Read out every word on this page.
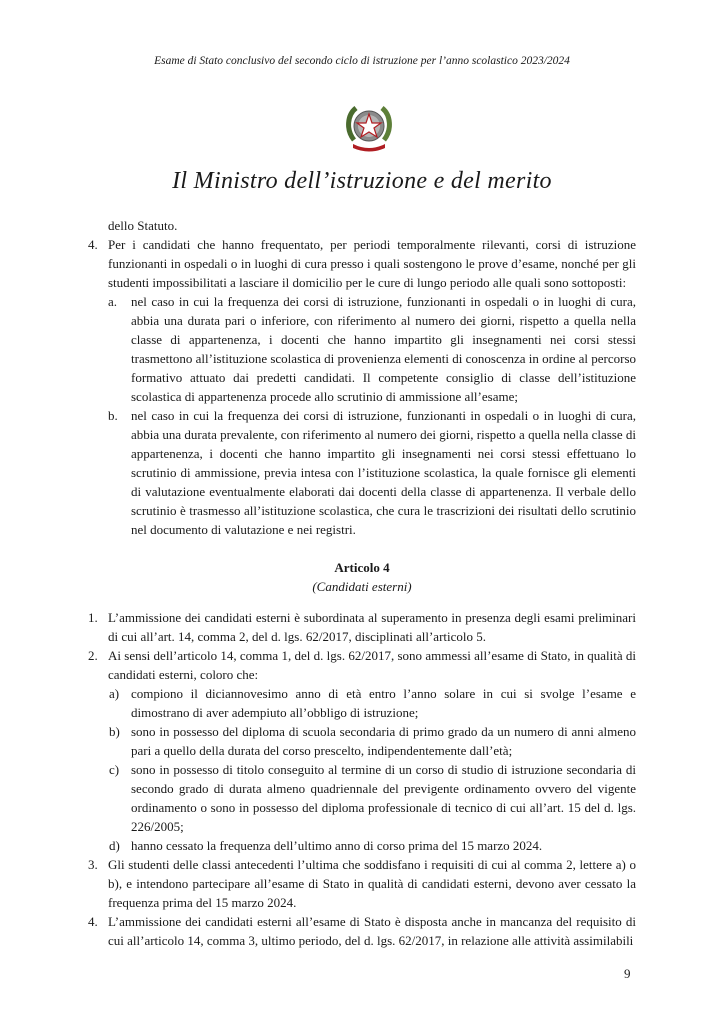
Esame di Stato conclusivo del secondo ciclo di istruzione per l’anno scolastico 2023/2024
Il Ministro dell’istruzione e del merito

dello Statuto.

4. Per i candidati che hanno frequentato, per periodi temporalmente rilevanti, corsi di istruzione funzionanti in ospedali o in luoghi di cura presso i quali sostengono le prove d’esame, nonché per gli studenti impossibilitati a lasciare il domicilio per le cure di lungo periodo alle quali sono sottoposti:
a. nel caso in cui la frequenza dei corsi di istruzione, funzionanti in ospedali o in luoghi di cura, abbia una durata pari o inferiore, con riferimento al numero dei giorni, rispetto a quella nella classe di appartenenza, i docenti che hanno impartito gli insegnamenti nei corsi stessi trasmettono all’istituzione scolastica di provenienza elementi di conoscenza in ordine al percorso formativo attuato dai predetti candidati. Il competente consiglio di classe dell’istituzione scolastica di appartenenza procede allo scrutinio di ammissione all’esame;
b. nel caso in cui la frequenza dei corsi di istruzione, funzionanti in ospedali o in luoghi di cura, abbia una durata prevalente, con riferimento al numero dei giorni, rispetto a quella nella classe di appartenenza, i docenti che hanno impartito gli insegnamenti nei corsi stessi effettuano lo scrutinio di ammissione, previa intesa con l’istituzione scolastica, la quale fornisce gli elementi di valutazione eventualmente elaborati dai docenti della classe di appartenenza. Il verbale dello scrutinio è trasmesso all’istituzione scolastica, che cura le trascrizioni dei risultati dello scrutinio nel documento di valutazione e nei registri.

Articolo 4

(Candidati esterni)

1. L’ammissione dei candidati esterni è subordinata al superamento in presenza degli esami preliminari di cui all’art. 14, comma 2, del d. lgs. 62/2017, disciplinati all’articolo 5.
2. Ai sensi dell’articolo 14, comma 1, del d. lgs. 62/2017, sono ammessi all’esame di Stato, in qualità di candidati esterni, coloro che:
a) compiono il diciannovesimo anno di età entro l’anno solare in cui si svolge l’esame e dimostrano di aver adempiuto all’obbligo di istruzione;
b) sono in possesso del diploma di scuola secondaria di primo grado da un numero di anni almeno pari a quello della durata del corso prescelto, indipendentemente dall’età;
c) sono in possesso di titolo conseguito al termine di un corso di studio di istruzione secondaria di secondo grado di durata almeno quadriennale del previgente ordinamento ovvero del vigente ordinamento o sono in possesso del diploma professionale di tecnico di cui all’art. 15 del d. lgs. 226/2005;
d) hanno cessato la frequenza dell’ultimo anno di corso prima del 15 marzo 2024.
3. Gli studenti delle classi antecedenti l’ultima che soddisfano i requisiti di cui al comma 2, lettere a) o b), e intendono partecipare all’esame di Stato in qualità di candidati esterni, devono aver cessato la frequenza prima del 15 marzo 2024.
4. L’ammissione dei candidati esterni all’esame di Stato è disposta anche in mancanza del requisito di cui all’articolo 14, comma 3, ultimo periodo, del d. lgs. 62/2017, in relazione alle attività assimilabili
9
